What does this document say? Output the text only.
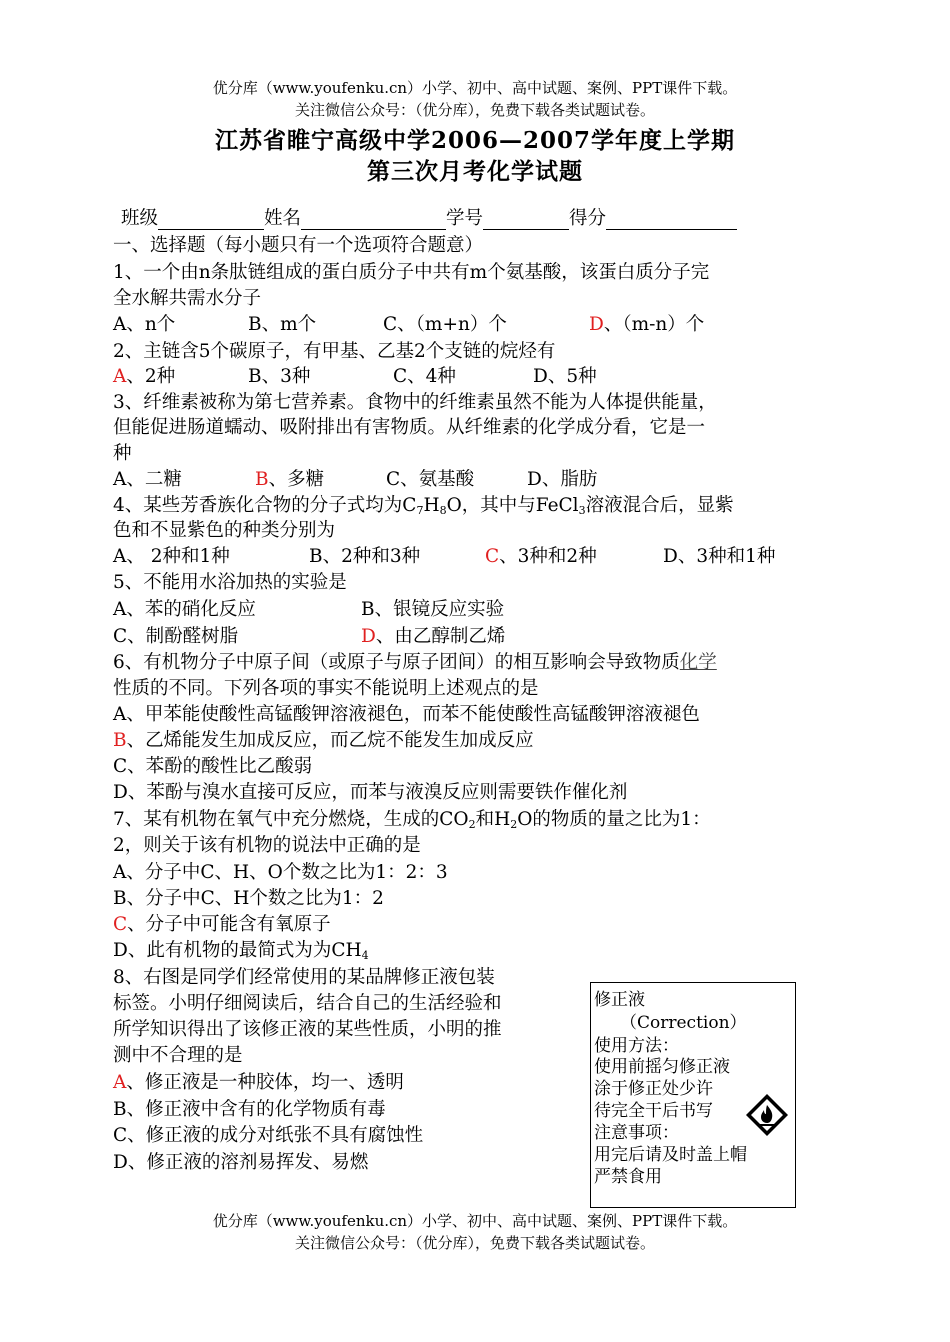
优分库（www.youfenku.cn）小学、初中、高中试题、案例、PPT课件下载。
关注微信公众号：（优分库），免费下载各类试题试卷。
江苏省睢宁高级中学2006—2007学年度上学期
第三次月考化学试题
班级	姓名	学号	得分
一、选择题（每小题只有一个选项符合题意）
1、一个由n条肽链组成的蛋白质分子中共有m个氨基酸，该蛋白质分子完
全水解共需水分子
A、n个	B、m个	C、（m+n）个	D、（m-n）个
2、主链含5个碳原子，有甲基、乙基2个支链的烷烃有
A、2种	B、3种	C、4种	D、5种
3、纤维素被称为第七营养素。食物中的纤维素虽然不能为人体提供能量，
但能促进肠道蠕动、吸附排出有害物质。从纤维素的化学成分看，它是一
种
A、二糖	B、多糖	C、氨基酸	D、脂肪
4、某些芳香族化合物的分子式均为$C_7H_8O$，其中与FeCl$_3$溶液混合后，显紫
色和不显紫色的种类分别为
A、 2种和1种	B、2种和3种	C、3种和2种	D、3种和1种
5、不能用水浴加热的实验是
A、苯的硝化反应	B、银镜反应实验
C、制酚醛树脂	D、由乙醇制乙烯
6、有机物分子中原子间（或原子与原子团间）的相互影响会导致物质化学
性质的不同。下列各项的事实不能说明上述观点的是
A、甲苯能使酸性高锰酸钾溶液褪色，而苯不能使酸性高锰酸钾溶液褪色
B、乙烯能发生加成反应，而乙烷不能发生加成反应
C、苯酚的酸性比乙酸弱
D、苯酚与溴水直接可反应，而苯与液溴反应则需要铁作催化剂
7、某有机物在氧气中充分燃烧，生成的$CO_2$和$H_2O$的物质的量之比为1：
2，则关于该有机物的说法中正确的是
A、分子中C、H、O个数之比为1：2：3
B、分子中C、H个数之比为1：2
C、分子中可能含有氧原子
D、此有机物的最简式为为$CH_4$
8、右图是同学们经常使用的某品牌修正液包装
标签。小明仔细阅读后，结合自己的生活经验和
所学知识得出了该修正液的某些性质，小明的推
测中不合理的是
A、修正液是一种胶体，均一、透明
B、修正液中含有的化学物质有毒
C、修正液的成分对纸张不具有腐蚀性
D、修正液的溶剂易挥发、易燃
修正液
（Correction）
使用方法：
使用前摇匀修正液
涂于修正处少许
待完全干后书写
注意事项：
用完后请及时盖上帽
严禁食用
优分库（www.youfenku.cn）小学、初中、高中试题、案例、PPT课件下载。
关注微信公众号：（优分库），免费下载各类试题试卷。
